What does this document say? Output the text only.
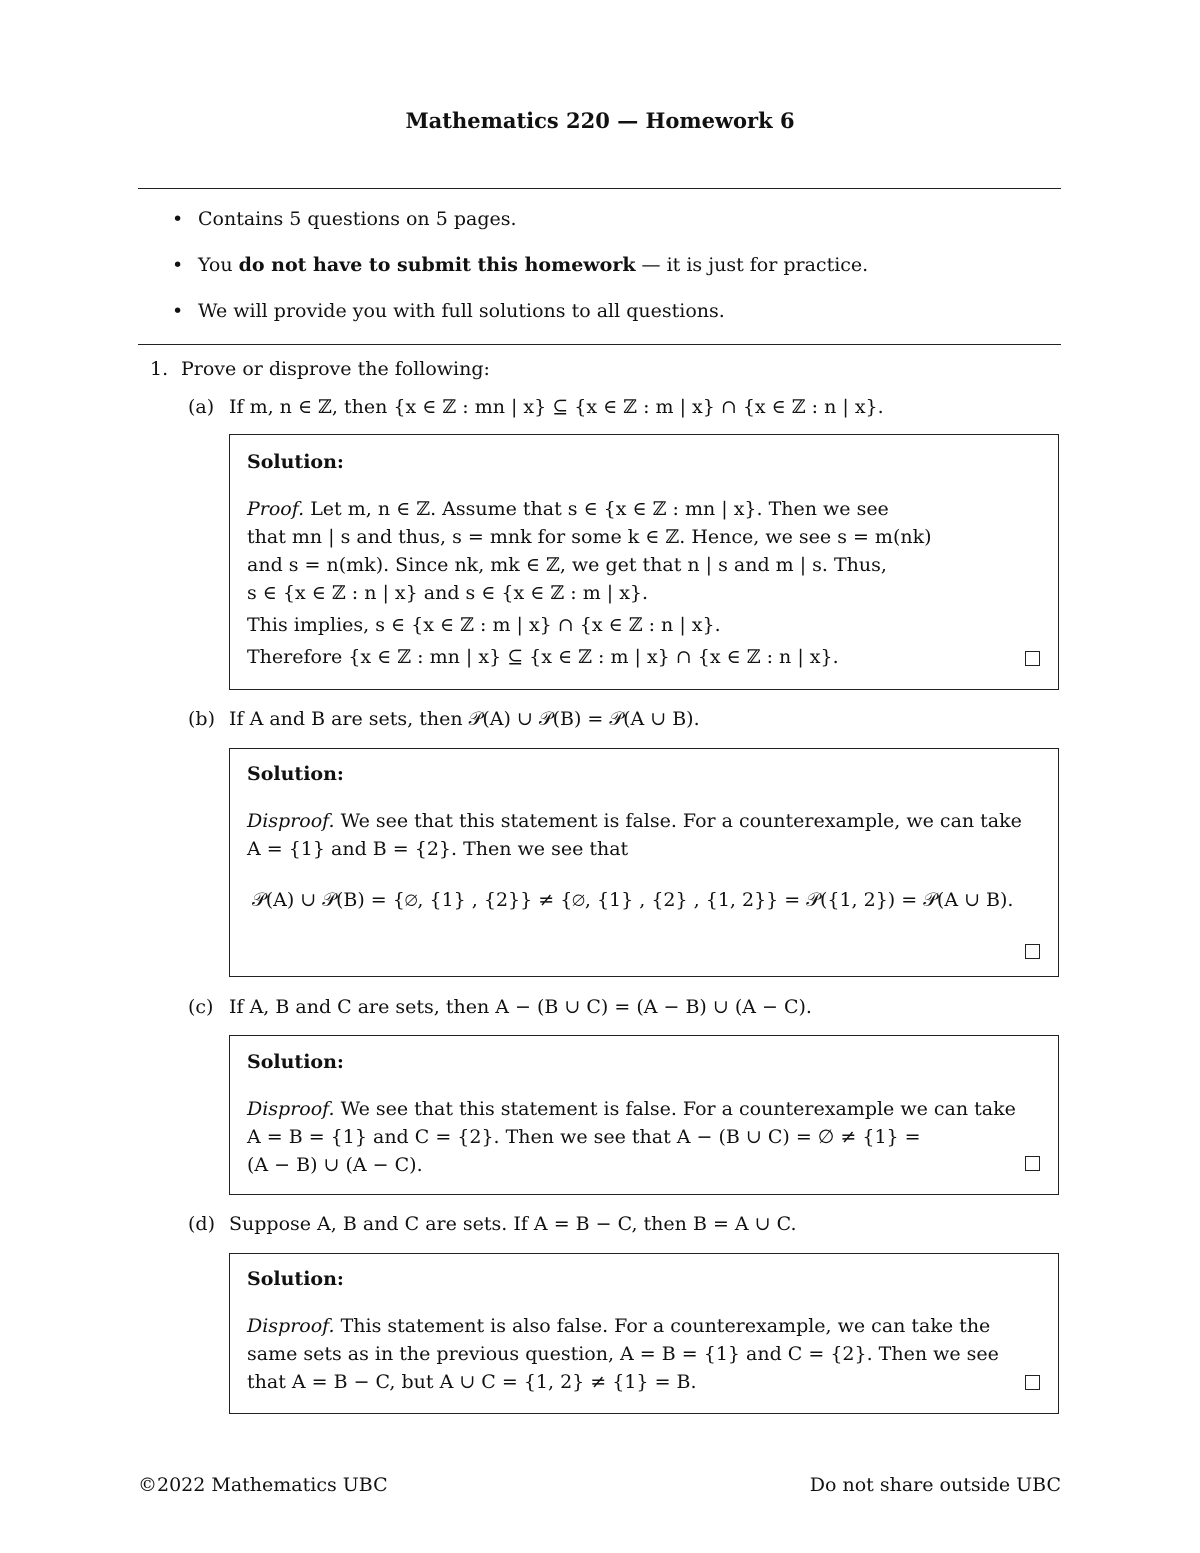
Mathematics 220 — Homework 6
• Contains 5 questions on 5 pages.
• You do not have to submit this homework — it is just for practice.
• We will provide you with full solutions to all questions.
1. Prove or disprove the following:
(a) If m, n ∈ ℤ, then {x ∈ ℤ : mn | x} ⊆ {x ∈ ℤ : m | x} ∩ {x ∈ ℤ : n | x}.
Solution:
Proof. Let m, n ∈ ℤ. Assume that s ∈ {x ∈ ℤ : mn | x}. Then we see
that mn | s and thus, s = mnk for some k ∈ ℤ. Hence, we see s = m(nk)
and s = n(mk). Since nk, mk ∈ ℤ, we get that n | s and m | s. Thus,
s ∈ {x ∈ ℤ : n | x} and s ∈ {x ∈ ℤ : m | x}.
This implies, s ∈ {x ∈ ℤ : m | x} ∩ {x ∈ ℤ : n | x}.
Therefore {x ∈ ℤ : mn | x} ⊆ {x ∈ ℤ : m | x} ∩ {x ∈ ℤ : n | x}.
(b) If A and B are sets, then 𝒫(A) ∪ 𝒫(B) = 𝒫(A ∪ B).
Solution:
Disproof. We see that this statement is false. For a counterexample, we can take
A = {1} and B = {2}. Then we see that
𝒫(A) ∪ 𝒫(B) = {∅, {1} , {2}} ≠ {∅, {1} , {2} , {1, 2}} = 𝒫({1, 2}) = 𝒫(A ∪ B).
(c) If A, B and C are sets, then A − (B ∪ C) = (A − B) ∪ (A − C).
Solution:
Disproof. We see that this statement is false. For a counterexample we can take
A = B = {1} and C = {2}. Then we see that A − (B ∪ C) = ∅ ≠ {1} =
(A − B) ∪ (A − C).
(d) Suppose A, B and C are sets. If A = B − C, then B = A ∪ C.
Solution:
Disproof. This statement is also false. For a counterexample, we can take the
same sets as in the previous question, A = B = {1} and C = {2}. Then we see
that A = B − C, but A ∪ C = {1, 2} ≠ {1} = B.
©2022 Mathematics UBC	Do not share outside UBC
